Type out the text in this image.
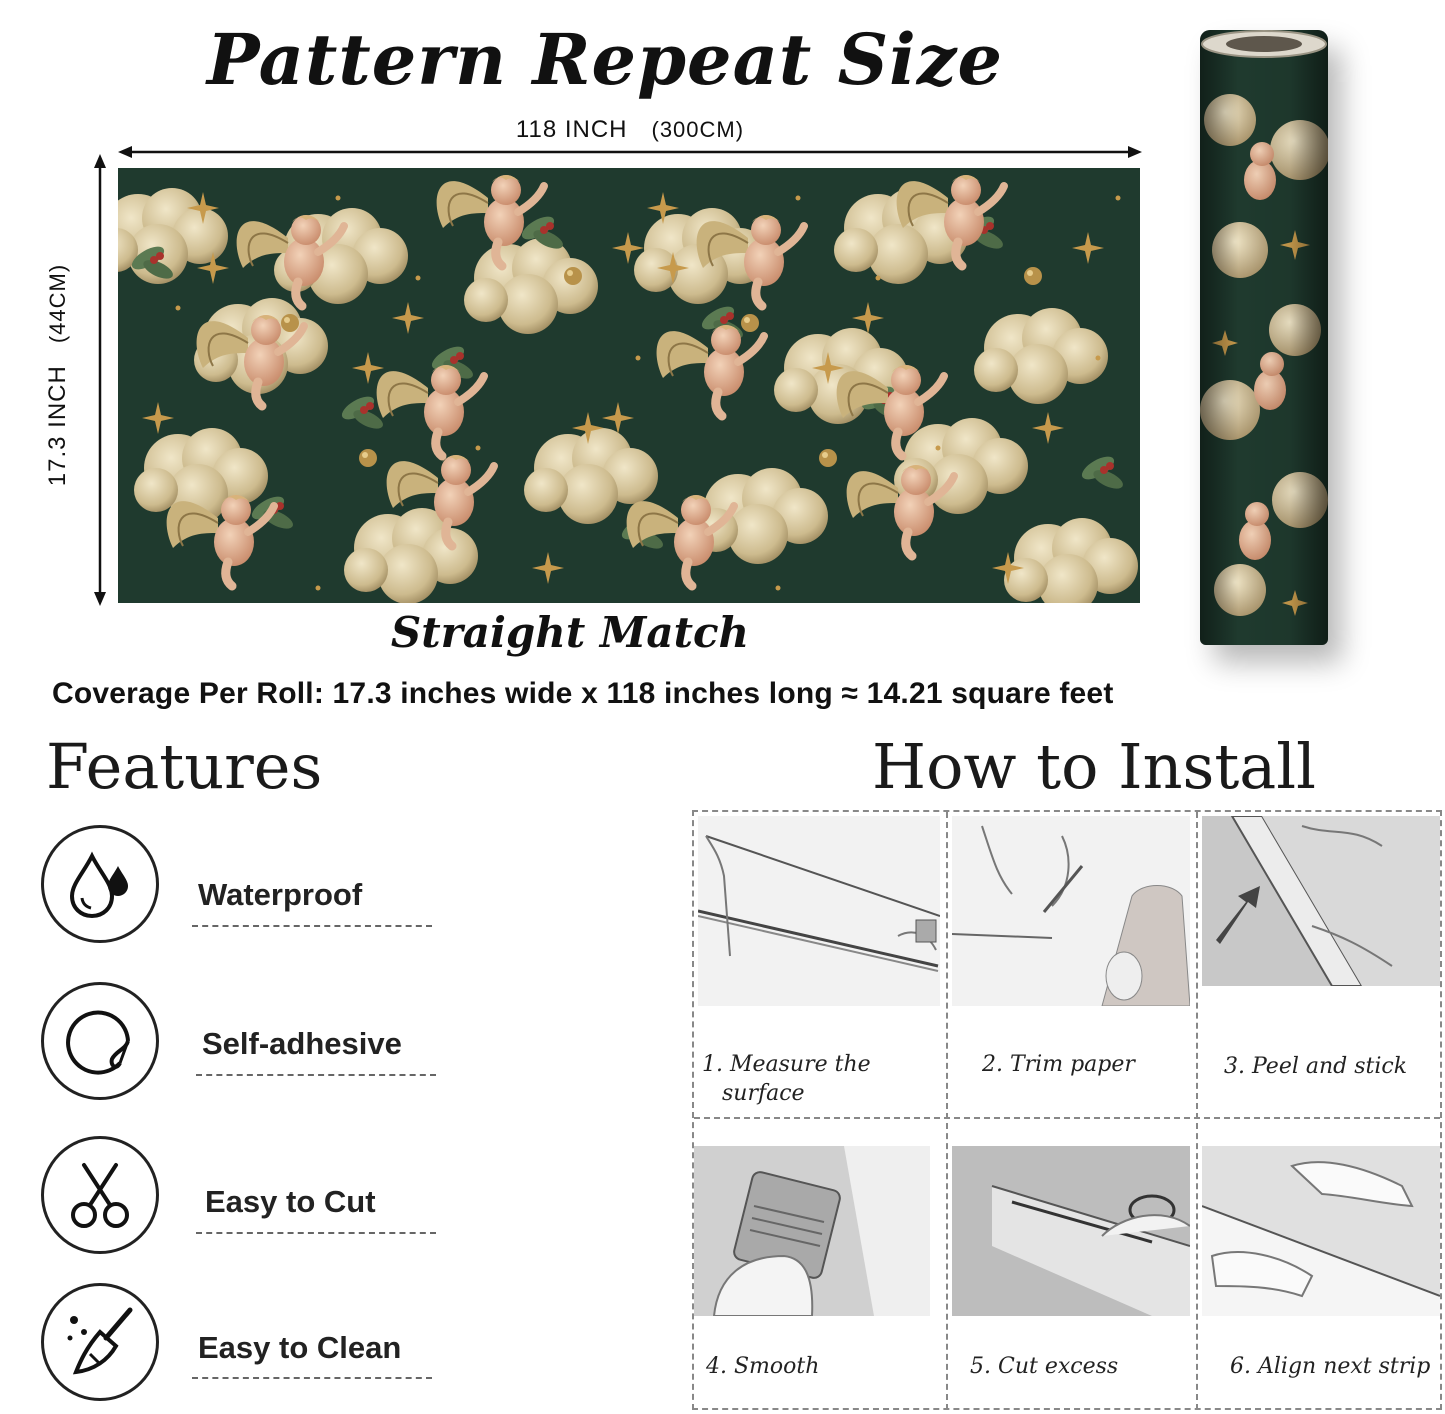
Pattern Repeat Size
118 INCH (300CM)
17.3 INCH(44CM)
Straight Match
Coverage Per Roll: 17.3 inches wide x 118 inches long ≈ 14.21 square feet
Features
Waterproof
Self-adhesive
Easy to Cut
Easy to Clean
How to Install
1. Measure the
surface
2. Trim paper	3. Peel and stick
4. Smooth	5. Cut excess	6. Align next strip
